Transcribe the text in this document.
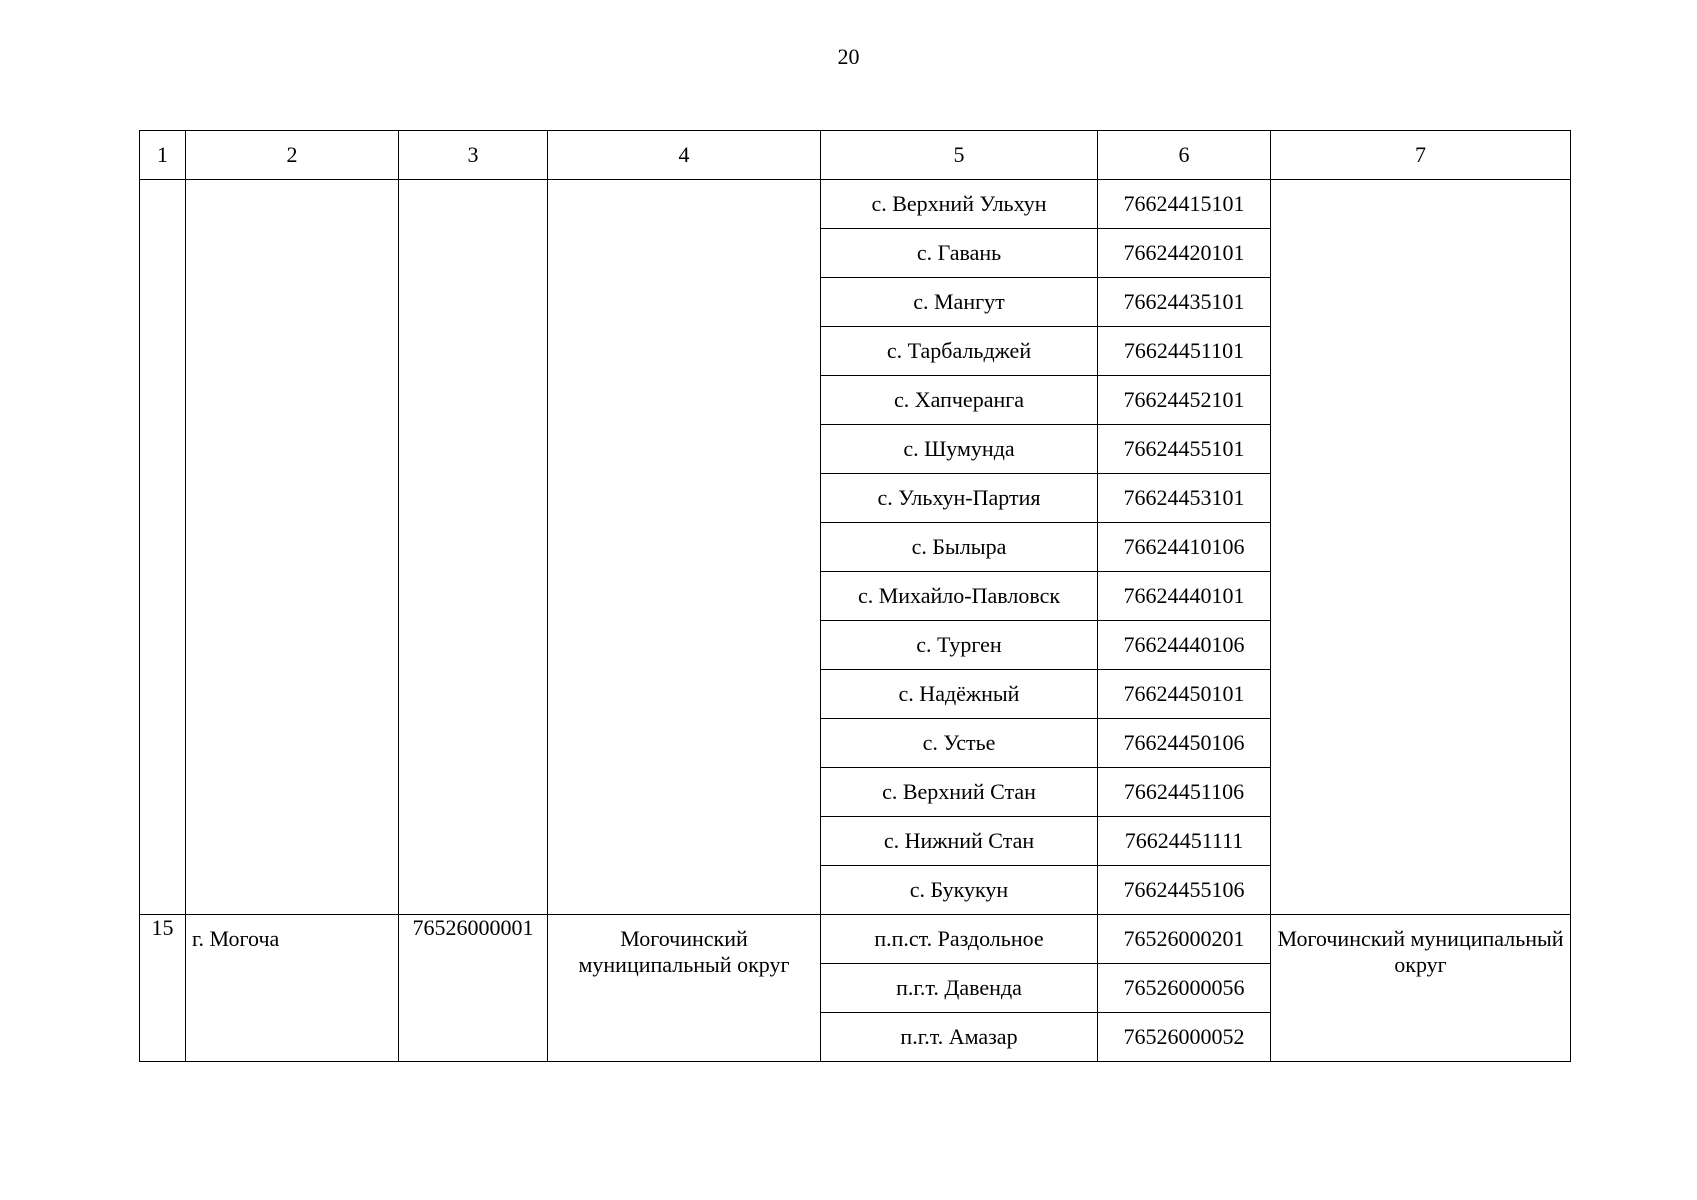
20
1	2	3	4	5	6	7
				с. Верхний Ульхун	76624415101	
				с. Гавань	76624420101	
				с. Мангут	76624435101	
				с. Тарбальджей	76624451101	
				с. Хапчеранга	76624452101	
				с. Шумунда	76624455101	
				с. Ульхун-Партия	76624453101	
				с. Былыра	76624410106	
				с. Михайло-Павловск	76624440101	
				с. Турген	76624440106	
				с. Надёжный	76624450101	
				с. Устье	76624450106	
				с. Верхний Стан	76624451106	
				с. Нижний Стан	76624451111	
				с. Букукун	76624455106	
15	г. Могоча	76526000001	Могочинский муниципальный округ	п.п.ст. Раздольное	76526000201	Могочинский муниципальный округ
				п.г.т. Давенда	76526000056	
				п.г.т. Амазар	76526000052	
